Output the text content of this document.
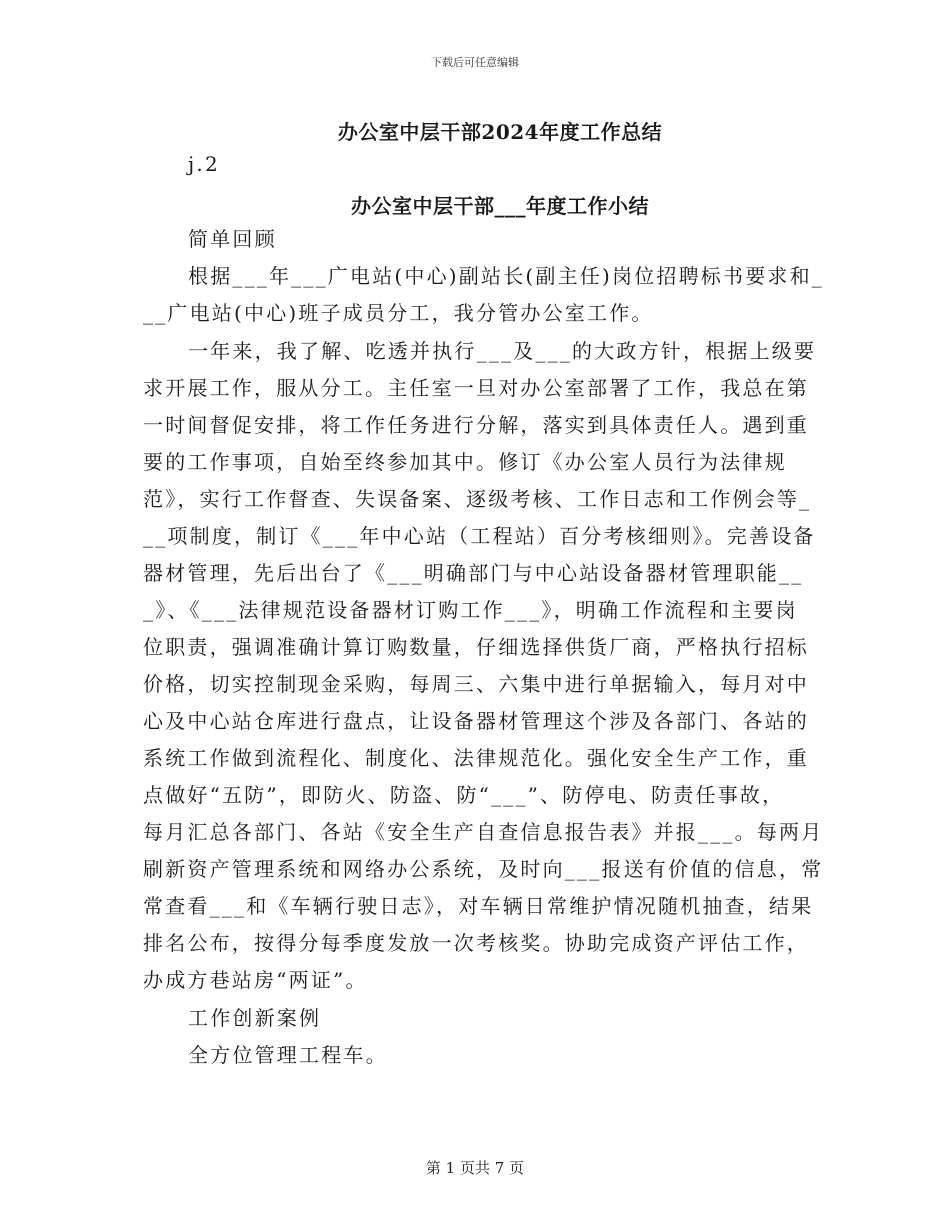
下载后可任意编辑
办公室中层干部2024年度工作总结
j.2
办公室中层干部___年度工作小结
简单回顾
根据___年___广电站(中心)副站长(副主任)岗位招聘标书要求和_
__广电站(中心)班子成员分工，我分管办公室工作。
一年来，我了解、吃透并执行___及___的大政方针，根据上级要
求开展工作，服从分工。主任室一旦对办公室部署了工作，我总在第
一时间督促安排，将工作任务进行分解，落实到具体责任人。遇到重
要的工作事项，自始至终参加其中。修订《办公室人员行为法律规
范》，实行工作督查、失误备案、逐级考核、工作日志和工作例会等_
__项制度，制订《___年中心站（工程站）百分考核细则》。完善设备
器材管理，先后出台了《___明确部门与中心站设备器材管理职能__
_》、《___法律规范设备器材订购工作___》，明确工作流程和主要岗
位职责，强调准确计算订购数量，仔细选择供货厂商，严格执行招标
价格，切实控制现金采购，每周三、六集中进行单据输入，每月对中
心及中心站仓库进行盘点，让设备器材管理这个涉及各部门、各站的
系统工作做到流程化、制度化、法律规范化。强化安全生产工作，重
点做好“五防”，即防火、防盗、防“___”、防停电、防责任事故，
每月汇总各部门、各站《安全生产自查信息报告表》并报___。每两月
刷新资产管理系统和网络办公系统，及时向___报送有价值的信息，常
常查看___和《车辆行驶日志》，对车辆日常维护情况随机抽查，结果
排名公布，按得分每季度发放一次考核奖。协助完成资产评估工作，
办成方巷站房“两证”。
工作创新案例
全方位管理工程车。
第 1 页共 7 页
